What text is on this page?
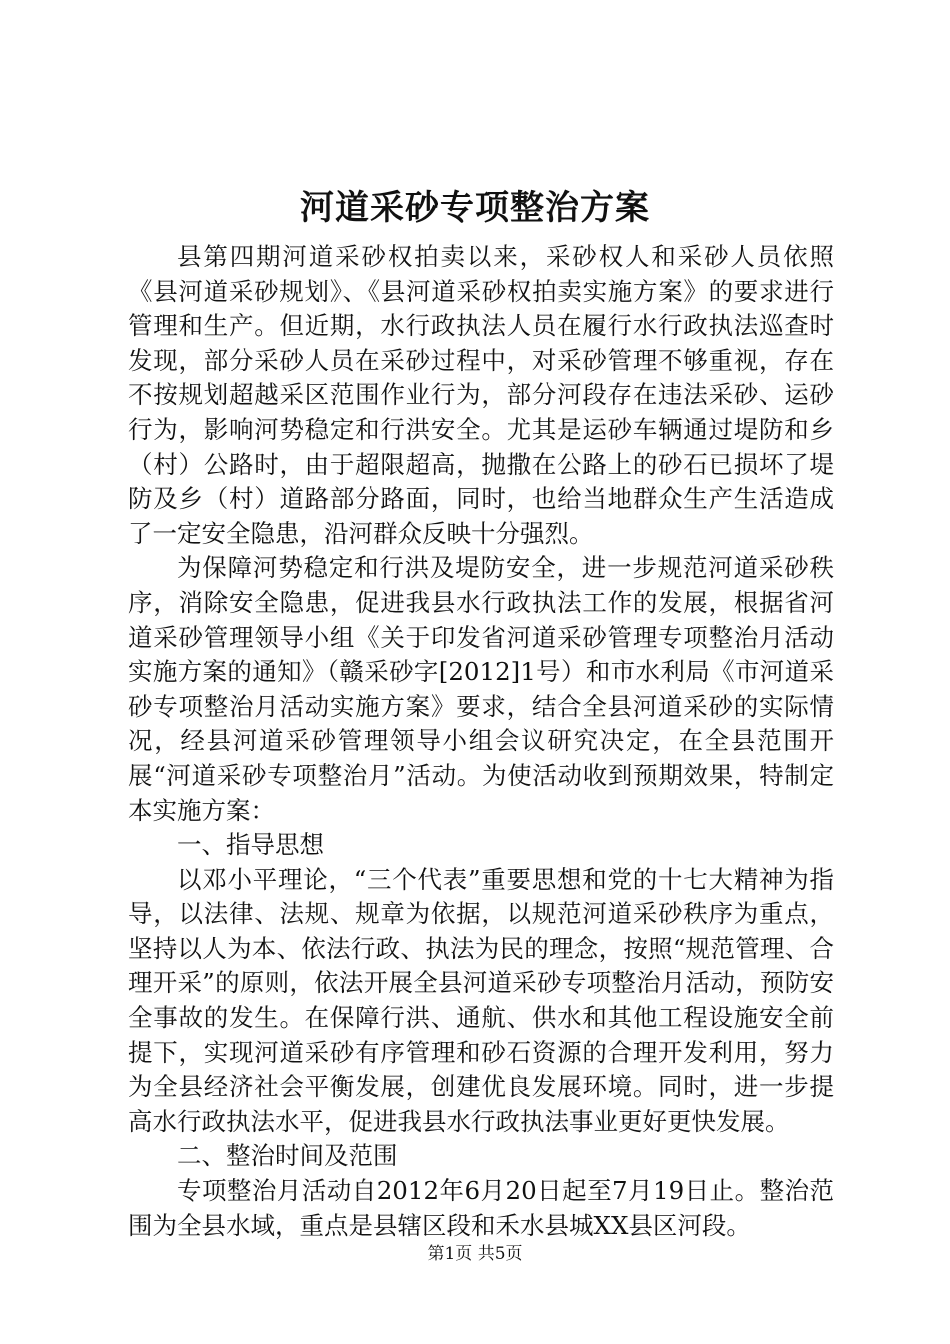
河道采砂专项整治方案

县第四期河道采砂权拍卖以来，采砂权人和采砂人员依照《县河道采砂规划》、《县河道采砂权拍卖实施方案》的要求进行管理和生产。但近期，水行政执法人员在履行水行政执法巡查时发现，部分采砂人员在采砂过程中，对采砂管理不够重视，存在不按规划超越采区范围作业行为，部分河段存在违法采砂、运砂行为，影响河势稳定和行洪安全。尤其是运砂车辆通过堤防和乡（村）公路时，由于超限超高，抛撒在公路上的砂石已损坏了堤防及乡（村）道路部分路面，同时，也给当地群众生产生活造成了一定安全隐患，沿河群众反映十分强烈。

为保障河势稳定和行洪及堤防安全，进一步规范河道采砂秩序，消除安全隐患，促进我县水行政执法工作的发展，根据省河道采砂管理领导小组《关于印发省河道采砂管理专项整治月活动实施方案的通知》（赣采砂字[2012]1号）和市水利局《市河道采砂专项整治月活动实施方案》要求，结合全县河道采砂的实际情况，经县河道采砂管理领导小组会议研究决定，在全县范围开展“河道采砂专项整治月”活动。为使活动收到预期效果，特制定本实施方案：

一、指导思想

以邓小平理论，“三个代表”重要思想和党的十七大精神为指导，以法律、法规、规章为依据，以规范河道采砂秩序为重点，坚持以人为本、依法行政、执法为民的理念，按照“规范管理、合理开采”的原则，依法开展全县河道采砂专项整治月活动，预防安全事故的发生。在保障行洪、通航、供水和其他工程设施安全前提下，实现河道采砂有序管理和砂石资源的合理开发利用，努力为全县经济社会平衡发展，创建优良发展环境。同时，进一步提高水行政执法水平，促进我县水行政执法事业更好更快发展。

二、整治时间及范围

专项整治月活动自2012年6月20日起至7月19日止。整治范围为全县水域，重点是县辖区段和禾水县城XX县区河段。

第1页 共5页
